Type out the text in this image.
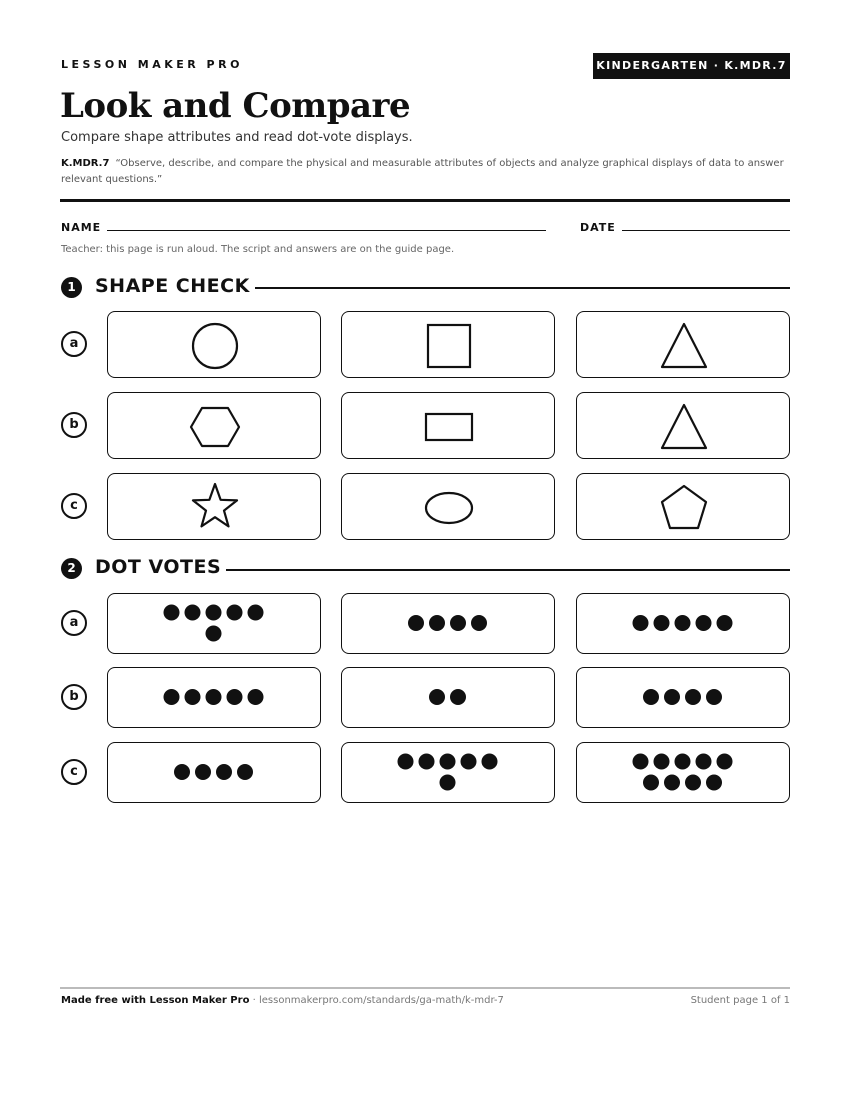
LESSON MAKER PRO	KINDERGARTEN · K.MDR.7
Look and Compare
Compare shape attributes and read dot-vote displays.
K.MDR.7 “Observe, describe, and compare the physical and measurable attributes of objects and analyze graphical displays of data to answer relevant questions.”
NAME	DATE
Teacher: this page is run aloud. The script and answers are on the guide page.
1	SHAPE CHECK
a
b
c
2	DOT VOTES
a
b
c
Made free with Lesson Maker Pro · lessonmakerpro.com/standards/ga-math/k-mdr-7	Student page 1 of 1
